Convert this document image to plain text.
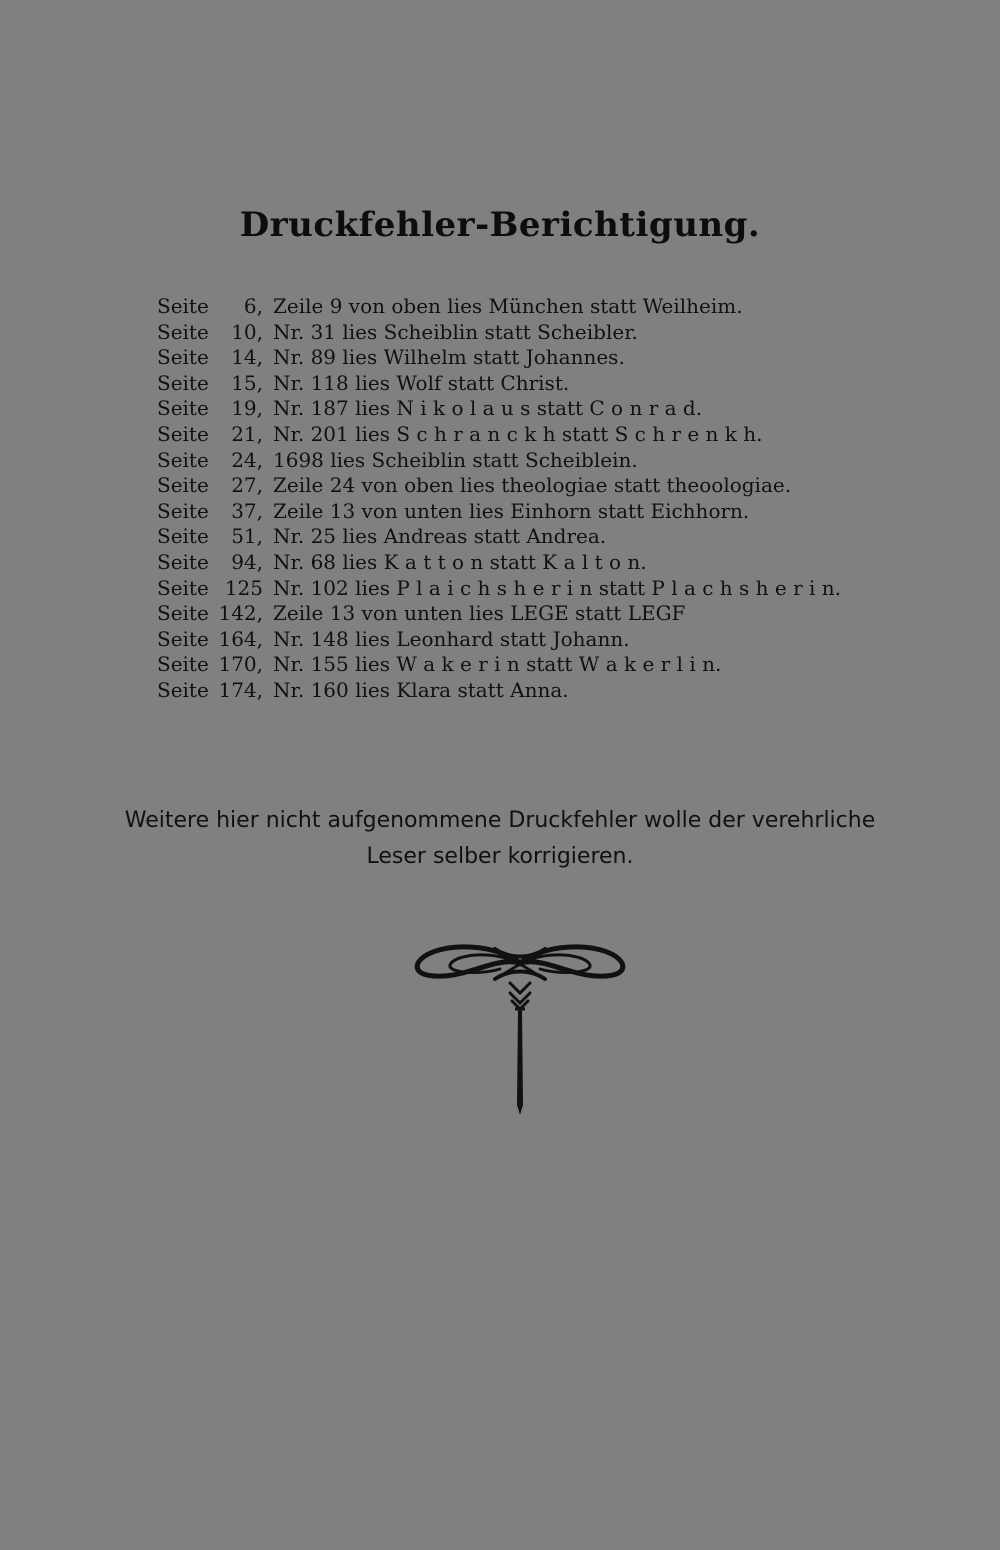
Druckfehler-Berichtigung.
Seite	6, Zeile 9 von oben lies München statt Weilheim.
Seite	10, Nr. 31 lies Scheiblin statt Scheibler.
Seite	14, Nr. 89 lies Wilhelm statt Johannes.
Seite	15, Nr. 118 lies Wolf statt Christ.
Seite	19, Nr. 187 lies N i k o l a u s statt C o n r a d.
Seite	21, Nr. 201 lies S c h r a n c k h statt S c h r e n k h.
Seite	24, 1698 lies Scheiblin statt Scheiblein.
Seite	27, Zeile 24 von oben lies theologiae statt theoologiae.
Seite	37, Zeile 13 von unten lies Einhorn statt Eichhorn.
Seite	51, Nr. 25 lies Andreas statt Andrea.
Seite	94, Nr. 68 lies K a t t o n statt K a l t o n.
Seite 125 Nr. 102 lies P l a i c h s h e r i n statt P l a c h s h e r i n.
Seite 142, Zeile 13 von unten lies LEGE statt LEGF
Seite 164, Nr. 148 lies Leonhard statt Johann.
Seite 170, Nr. 155 lies W a k e r i n statt W a k e r l i n.
Seite 174, Nr. 160 lies Klara statt Anna.
Weitere hier nicht aufgenommene Druckfehler wolle der verehrliche
Leser selber korrigieren.
